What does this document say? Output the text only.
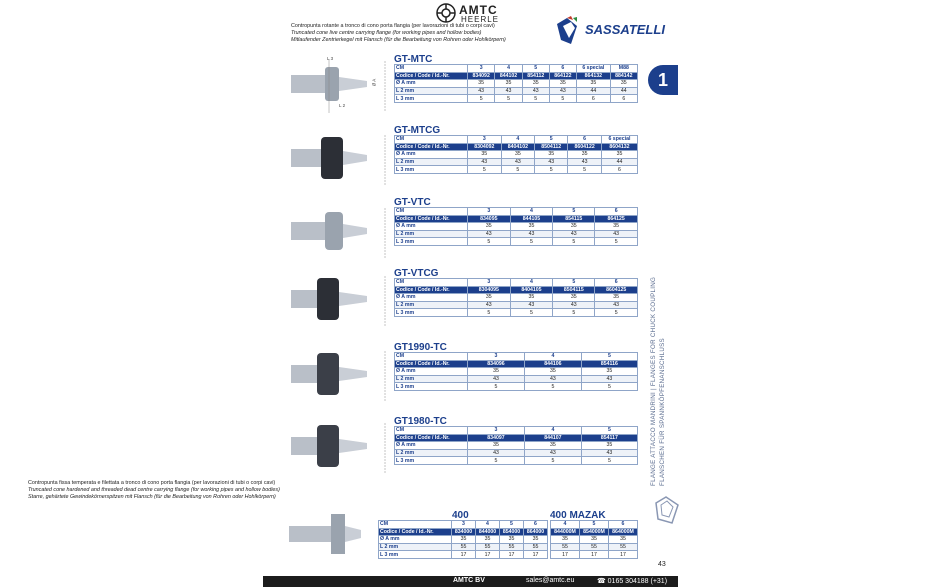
AMTC
HEERLE
Contropunta rotante a tronco di cono porta flangia (per lavorazioni di tubi o corpi cavi)
Truncated cone live centre carrying flange (for working pipes and hollow bodies)
Mitlaufender Zentrierkegel mit Flansch (für die Bearbeitung von Rohren oder Hohlkörpern)
SASSATELLI
L 3
Ø A
L 2
GT-MTC
GT-MTCG
GT-VTC
GT-VTCG
GT1990-TC
GT1980-TC
CM	3	4	5	6	6 special	M88
Codice / Code / Id.-Nr.	834092	844102	854112	864122	864132	884142
Ø A mm	35	35	35	35	35	35
L 2 mm	43	43	43	43	44	44
L 3 mm	5	5	5	5	6	6
CM	3	4	5	6	6 special
Codice / Code / Id.-Nr.	8304092	8404102	8504112	8604122	8604132
Ø A mm	35	35	35	35	35
L 2 mm	43	43	43	43	44
L 3 mm	5	5	5	5	6
CM	3	4	5	6
Codice / Code / Id.-Nr.	834095	844105	854115	864125
Ø A mm	35	35	35	35
L 2 mm	43	43	43	43
L 3 mm	5	5	5	5
CM	3	4	5	6
Codice / Code / Id.-Nr.	8304095	8404105	8504115	8604125
Ø A mm	35	35	35	35
L 2 mm	43	43	43	43
L 3 mm	5	5	5	5
CM	3	4	5
Codice / Code / Id.-Nr.	834096	844106	854116
Ø A mm	35	35	35
L 2 mm	43	43	43
L 3 mm	5	5	5
CM	3	4	5
Codice / Code / Id.-Nr.	834097	844107	854117
Ø A mm	35	35	35
L 2 mm	43	43	43
L 3 mm	5	5	5
CM	3	4	5	6
Codice / Code / Id.-Nr.	834000	844000	854000	864000
Ø A mm	35	35	35	35
L 2 mm	55	55	55	55
L 3 mm	17	17	17	17
4	5	6
844000M	854000M	864000M
35	35	35
55	55	55
17	17	17
Contropunta fissa temperata e filettata a tronco di cono porta flangia (per lavorazioni di tubi o corpi cavi)
Truncated cone hardened and threaded dead centre carrying flange (for working pipes and hollow bodies)
Starre, gehärtete Gewindekörnerspitzen mit Flansch (für die Bearbeitung von Rohren oder Hohlkörpern)
400	400 MAZAK
1
FLANGE ATTACCO MANDRINI | FLANGES FOR CHUCK COUPLING FLANSCHEN FÜR SPANNKÖPFENANSCHLUSS
43
AMTC BV	sales@amtc.eu	☎ 0165 304188 (+31)
